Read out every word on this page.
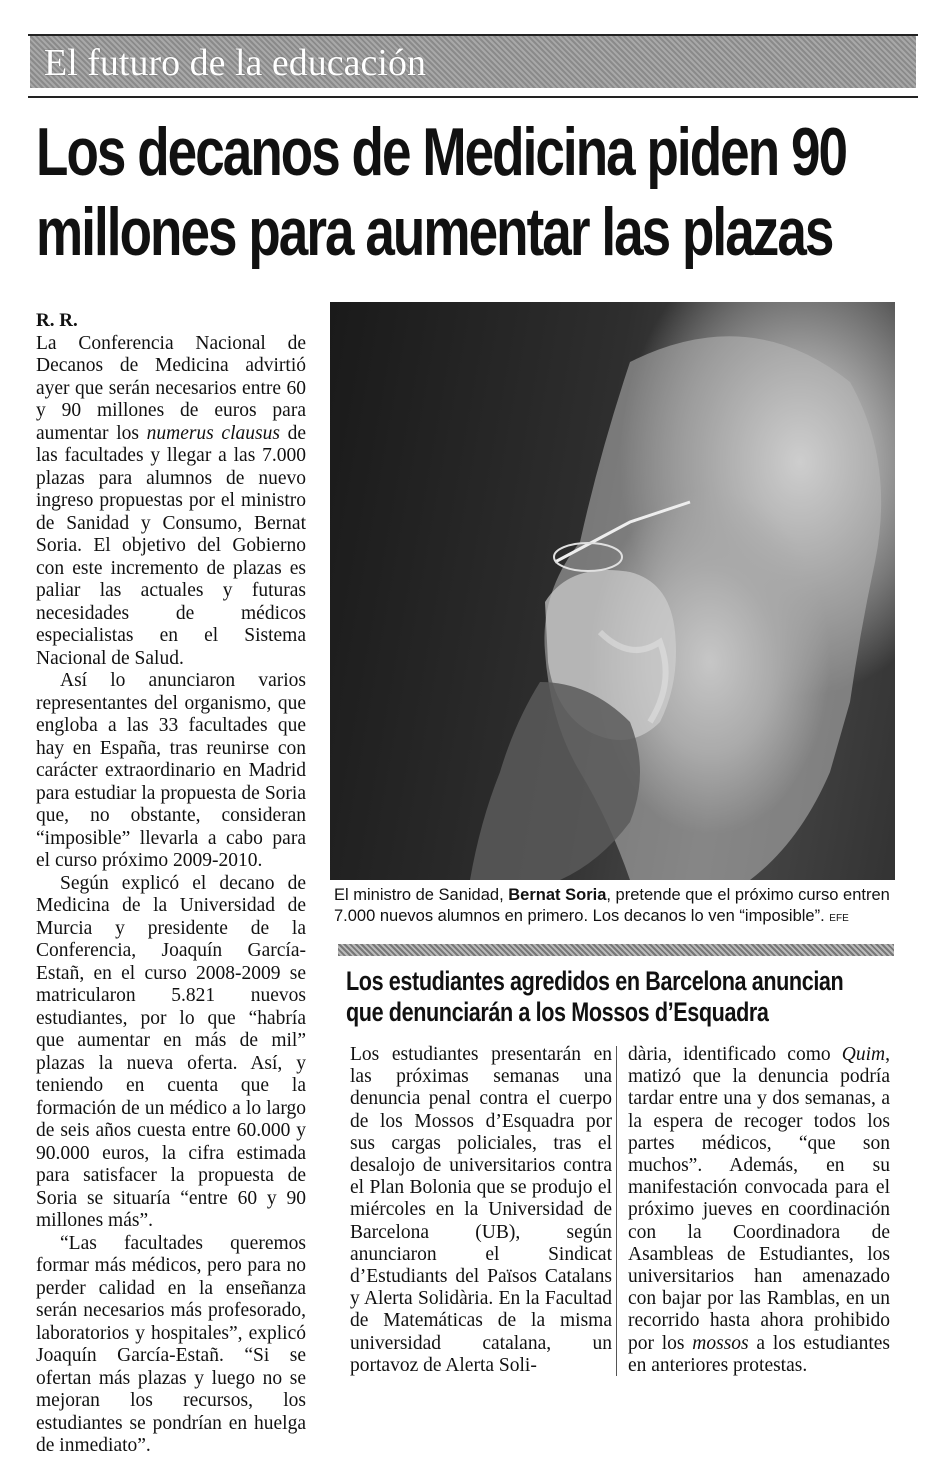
El futuro de la educación
Los decanos de Medicina piden 90
millones para aumentar las plazas
R. R.

La Conferencia Nacional de Decanos de Medicina advirtió ayer que serán necesarios entre 60 y 90 millones de euros para aumentar los numerus clausus de las facultades y llegar a las 7.000 plazas para alumnos de nuevo ingreso propuestas por el ministro de Sanidad y Consumo, Bernat Soria. El objetivo del Gobierno con este incremento de plazas es paliar las actuales y futuras necesidades de médicos especialistas en el Sistema Nacional de Salud.

Así lo anunciaron varios representantes del organismo, que engloba a las 33 facultades que hay en España, tras reunirse con carácter extraordinario en Madrid para estudiar la propuesta de Soria que, no obstante, consideran “imposible” llevarla a cabo para el curso próximo 2009-2010.

Según explicó el decano de Medicina de la Universidad de Murcia y presidente de la Conferencia, Joaquín García-Estañ, en el curso 2008-2009 se matricularon 5.821 nuevos estudiantes, por lo que “habría que aumentar en más de mil” plazas la nueva oferta. Así, y teniendo en cuenta que la formación de un médico a lo largo de seis años cuesta entre 60.000 y 90.000 euros, la cifra estimada para satisfacer la propuesta de Soria se situaría “entre 60 y 90 millones más”.

“Las facultades queremos formar más médicos, pero para no perder calidad en la enseñanza serán necesarios más profesorado, laboratorios y hospitales”, explicó Joaquín García-Estañ. “Si se ofertan más plazas y luego no se mejoran los recursos, los estudiantes se pondrían en huelga de inmediato”.

El ministro de Sanidad, Bernat Soria, pretende que el próximo curso entren 7.000 nuevos alumnos en primero. Los decanos lo ven “imposible”. EFE
Los estudiantes agredidos en Barcelona anuncian
que denunciarán a los Mossos d’Esquadra
Los estudiantes presentarán en las próximas semanas una denuncia penal contra el cuerpo de los Mossos d’Esquadra por sus cargas policiales, tras el desalojo de universitarios contra el Plan Bolonia que se produjo el miércoles en la Universidad de Barcelona (UB), según anunciaron el Sindicat d’Estudiants del Països Catalans y Alerta Solidària. En la Facultad de Matemáticas de la misma universidad catalana, un portavoz de Alerta Soli-
dària, identificado como Quim, matizó que la denuncia podría tardar entre una y dos semanas, a la espera de recoger todos los partes médicos, “que son muchos”. Además, en su manifestación convocada para el próximo jueves en coordinación con la Coordinadora de Asambleas de Estudiantes, los universitarios han amenazado con bajar por las Ramblas, en un recorrido hasta ahora prohibido por los mossos a los estudiantes en anteriores protestas.
